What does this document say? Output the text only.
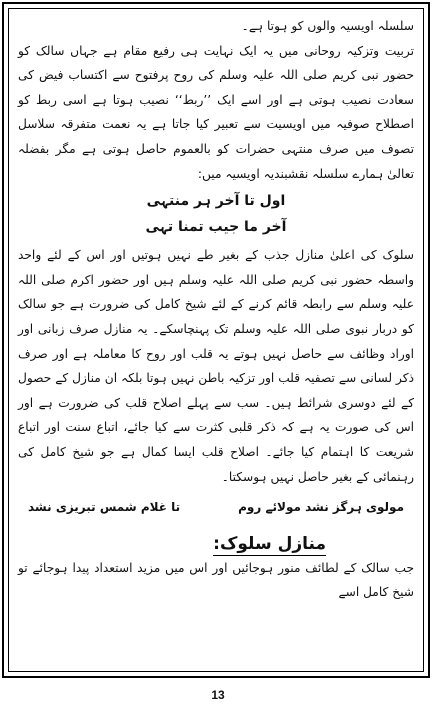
سلسلہ اویسیہ والوں کو ہوتا ہے۔

تربیت وتزکیہ روحانی میں یہ ایک نہایت ہی رفیع مقام ہے جہاں سالک کو حضور نبی کریم صلی اللہ علیہ وسلم کی روح پرفتوح سے اکتساب فیض کی سعادت نصیب ہوتی ہے اور اسے ایک ’’ربط‘‘ نصیب ہوتا ہے اسی ربط کو اصطلاح صوفیہ میں اویسیت سے تعبیر کیا جاتا ہے یہ نعمت متفرقہ سلاسل تصوف میں صرف منتہی حضرات کو بالعموم حاصل ہوتی ہے مگر بفضلہ تعالیٰ ہمارے سلسلہ نقشبندیہ اویسیہ میں:

اول تا آخر ہر منتہی
آخر ما جیب تمنا تہی

سلوک کی اعلیٰ منازل جذب کے بغیر طے نہیں ہوتیں اور اس کے لئے واحد واسطہ حضور نبی کریم صلی اللہ علیہ وسلم ہیں اور حضور اکرم صلی اللہ علیہ وسلم سے رابطہ قائم کرنے کے لئے شیخ کامل کی ضرورت ہے جو سالک کو دربار نبوی صلی اللہ علیہ وسلم تک پہنچاسکے۔ یہ منازل صرف زبانی اور اوراد وظائف سے حاصل نہیں ہوتے یہ قلب اور روح کا معاملہ ہے اور صرف ذکر لسانی سے تصفیہ قلب اور تزکیہ باطن نہیں ہوتا بلکہ ان منازل کے حصول کے لئے دوسری شرائط ہیں۔ سب سے پہلے اصلاح قلب کی ضرورت ہے اور اس کی صورت یہ ہے کہ ذکر قلبی کثرت سے کیا جائے، اتباع سنت اور اتباع شریعت کا اہتمام کیا جائے۔ اصلاح قلب ایسا کمال ہے جو شیخ کامل کی رہنمائی کے بغیر حاصل نہیں ہوسکتا۔

مولوی ہرگز نشد مولائے روم
تا غلام شمس تبریزی نشد
منازل سلوک:

جب سالک کے لطائف منور ہوجائیں اور اس میں مزید استعداد پیدا ہوجائے تو شیخ کامل اسے

13
